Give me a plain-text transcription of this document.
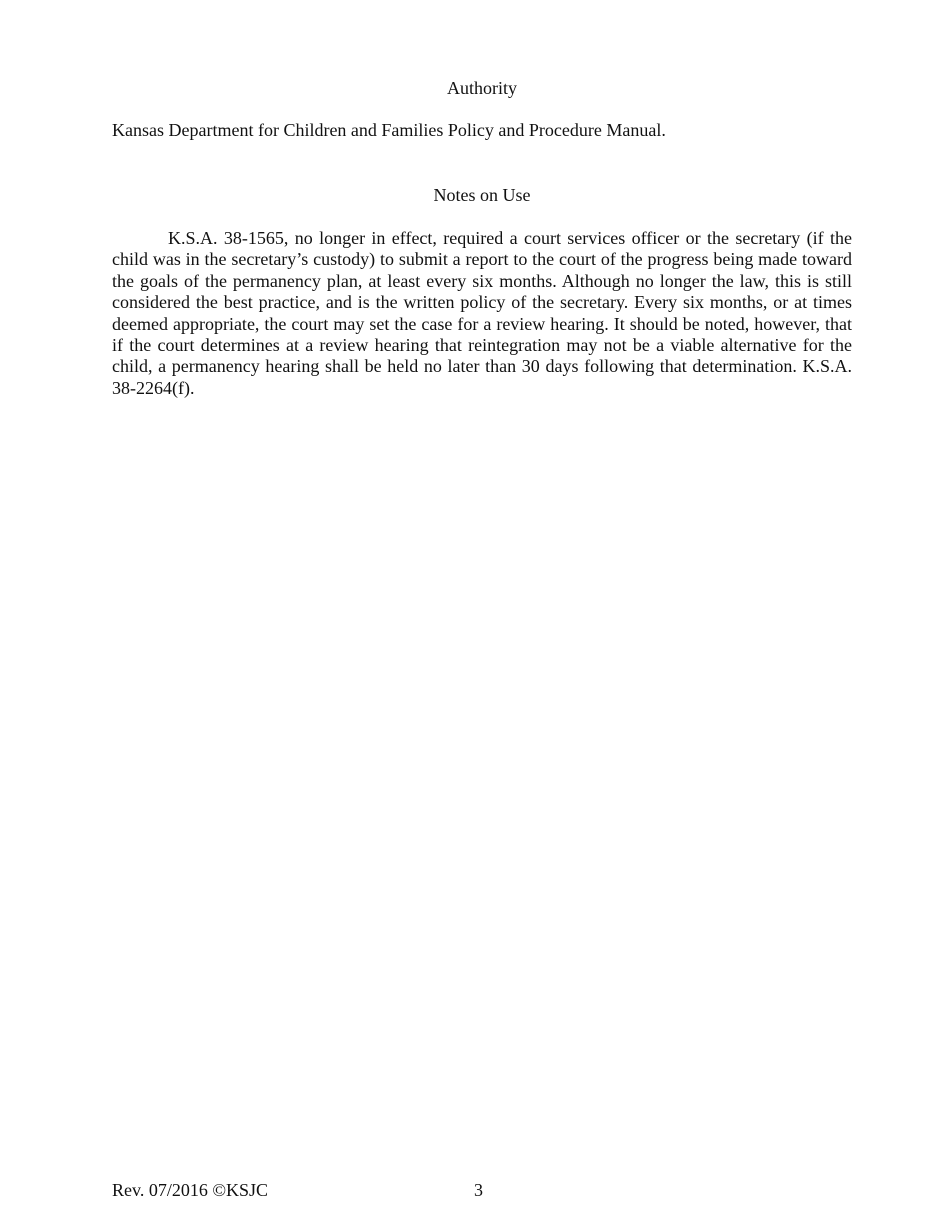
Authority

Kansas Department for Children and Families Policy and Procedure Manual.

Notes on Use

K.S.A. 38-1565, no longer in effect, required a court services officer or the secretary (if the child was in the secretary’s custody) to submit a report to the court of the progress being made toward the goals of the permanency plan, at least every six months. Although no longer the law, this is still considered the best practice, and is the written policy of the secretary. Every six months, or at times deemed appropriate, the court may set the case for a review hearing. It should be noted, however, that if the court determines at a review hearing that reintegration may not be a viable alternative for the child, a permanency hearing shall be held no later than 30 days following that determination. K.S.A. 38-2264(f).

Rev. 07/2016 ©KSJC	3
